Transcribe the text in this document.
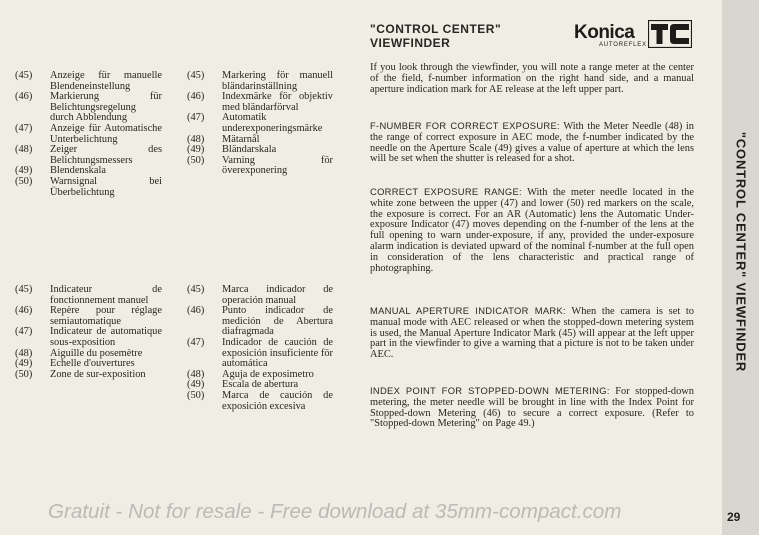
"CONTROL CENTER"

VIEWFINDER	Konica
AUTOREFLEX
(45)	Anzeige für manuelle Blendeneinstellung
(46)	Markierung für Belichtungsregelung durch Abblendung
(47)	Anzeige für Automatische Unterbelichtung
(48)	Zeiger des Belichtungsmessers
(49)	Blendenskala
(50)	Warnsignal bei Überbelichtung
(45)	Markering för manuell bländarinställning
(46)	Indexmärke för objektiv med bländarförval
(47)	Automatik underexponeringsmärke
(48)	Mätarnål
(49)	Bländarskala
(50)	Varning för överexponering
(45)	Indicateur de fonctionnement manuel
(46)	Repère pour réglage semiautomatique
(47)	Indicateur de automatique sous-exposition
(48)	Aiguille du posemètre
(49)	Echelle d'ouvertures
(50)	Zone de sur-exposition
(45)	Marca indicador de operación manual
(46)	Punto indicador de medición de Abertura diafragmada
(47)	Indicador de caución de exposición insuficiente för automática
(48)	Aguja de exposimetro
(49)	Escala de abertura
(50)	Marca de caución de exposición excesiva

If you look through the viewfinder, you will note a range meter at the center of the field, f-number information on the right hand side, and a manual aperture indication mark for AE release at the left upper part.

F-NUMBER FOR CORRECT EXPOSURE: With the Meter Needle (48) in the range of correct exposure in AEC mode, the f-number indicated by the needle on the Aperture Scale (49) gives a value of aperture at which the lens will be set when the shutter is released for a shot.

CORRECT EXPOSURE RANGE: With the meter needle located in the white zone between the upper (47) and lower (50) red markers on the scale, the exposure is correct. For an AR (Automatic) lens the Automatic Under-exposure Indicator (47) moves depending on the f-number of the lens at the full opening to warn under-exposure, if any, provided the under-exposure alarm indication is deviated upward of the nominal f-number at the full open in consideration of the lens characteristic and practical range of photographing.

MANUAL APERTURE INDICATOR MARK: When the camera is set to manual mode with AEC released or when the stopped-down metering system is used, the Manual Aperture Indicator Mark (45) will appear at the left upper part in the viewfinder to give a warning that a picture is not to be taken under AEC.

INDEX POINT FOR STOPPED-DOWN METERING: For stopped-down metering, the meter needle will be brought in line with the Index Point for Stopped-down Metering (46) to secure a correct exposure. (Refer to "Stopped-down Metering" on Page 49.)

"CONTROL CENTER" VIEWFINDER
29
Gratuit - Not for resale - Free download at 35mm-compact.com
